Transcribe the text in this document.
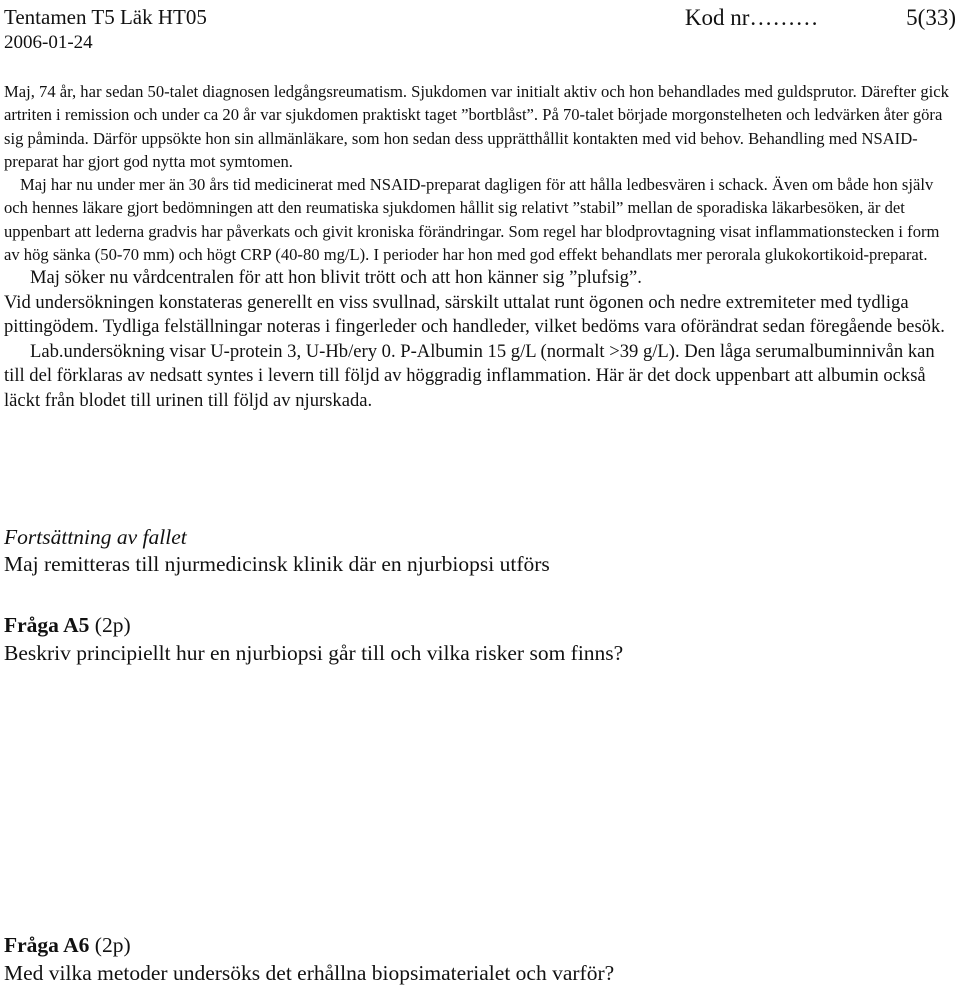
Tentamen T5 Läk HT05
2006-01-24
Kod nr………	5(33)

Maj, 74 år, har sedan 50-talet diagnosen ledgångsreumatism. Sjukdomen var initialt aktiv och hon behandlades med guldsprutor. Därefter gick artriten i remission och under ca 20 år var sjukdomen praktiskt taget ”bortblåst”. På 70-talet började morgonstelheten och ledvärken åter göra sig påminda. Därför uppsökte hon sin allmänläkare, som hon sedan dess upprätthållit kontakten med vid behov. Behandling med NSAID-preparat har gjort god nytta mot symtomen.

Maj har nu under mer än 30 års tid medicinerat med NSAID-preparat dagligen för att hålla ledbesvären i schack. Även om både hon själv och hennes läkare gjort bedömningen att den reumatiska sjukdomen hållit sig relativt ”stabil” mellan de sporadiska läkarbesöken, är det uppenbart att lederna gradvis har påverkats och givit kroniska förändringar. Som regel har blodprovtagning visat inflammationstecken i form av hög sänka (50-70 mm) och högt CRP (40-80 mg/L). I perioder har hon med god effekt behandlats mer perorala glukokortikoid-preparat.

Maj söker nu vårdcentralen för att hon blivit trött och att hon känner sig ”plufsig”.

Vid undersökningen konstateras generellt en viss svullnad, särskilt uttalat runt ögonen och nedre extremiteter med tydliga pittingödem. Tydliga felställningar noteras i fingerleder och handleder, vilket bedöms vara oförändrat sedan föregående besök.

Lab.undersökning visar U-protein 3, U-Hb/ery 0. P-Albumin 15 g/L (normalt >39 g/L). Den låga serumalbuminnivån kan till del förklaras av nedsatt syntes i levern till följd av höggradig inflammation. Här är det dock uppenbart att albumin också läckt från blodet till urinen till följd av njurskada.

Fortsättning av fallet
Maj remitteras till njurmedicinsk klinik där en njurbiopsi utförs
Fråga A5 (2p)
Beskriv principiellt hur en njurbiopsi går till och vilka risker som finns?
Fråga A6 (2p)
Med vilka metoder undersöks det erhållna biopsimaterialet och varför?
